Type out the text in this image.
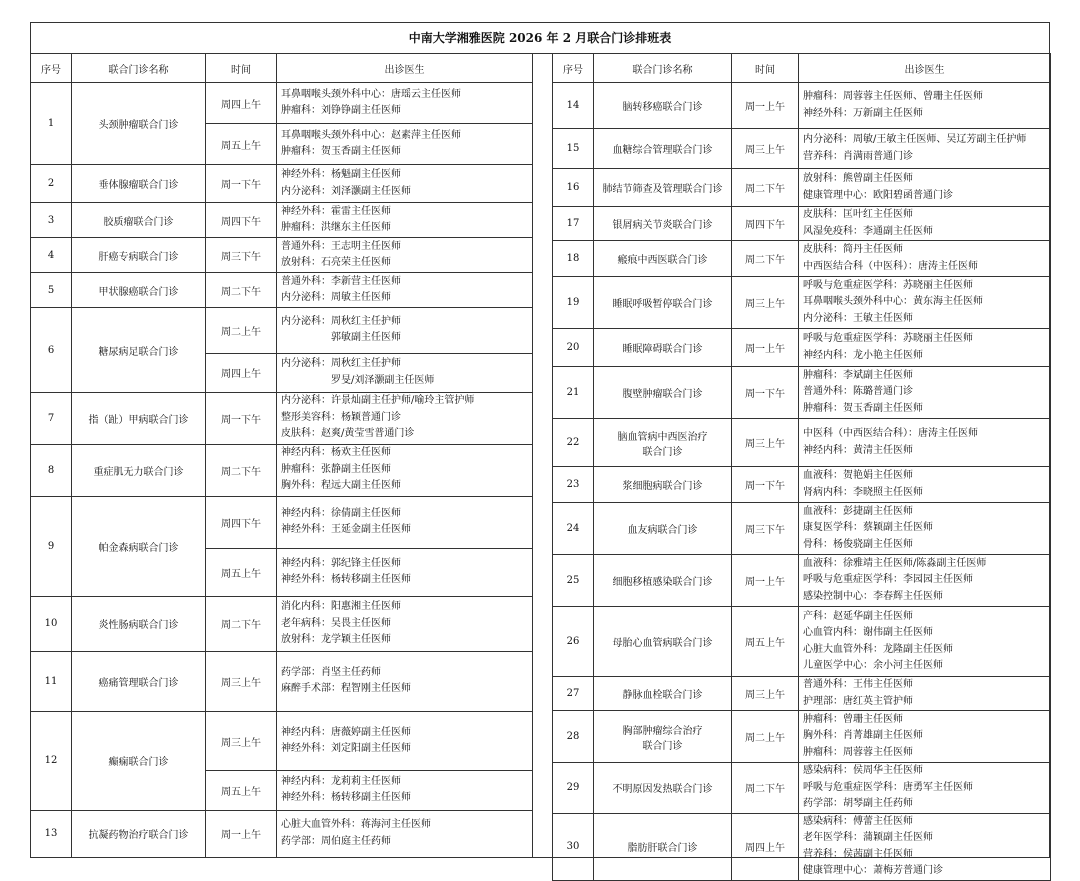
中南大学湘雅医院 2026 年 2 月联合门诊排班表
序号	联合门诊名称	时间	出诊医生
1	头颈肿瘤联合门诊	周四上午	耳鼻咽喉头颈外科中心：唐瑶云主任医师
肿瘤科：刘铮铮副主任医师

		周五上午	耳鼻咽喉头颈外科中心：赵素萍主任医师
肿瘤科：贺玉香副主任医师

2	垂体腺瘤联合门诊	周一下午	神经外科：杨魁副主任医师
内分泌科：刘泽灏副主任医师

3	胶质瘤联合门诊	周四下午	神经外科：霍雷主任医师
肿瘤科：洪继东主任医师

4	肝癌专病联合门诊	周三下午	普通外科：王志明主任医师
放射科：石亮荣主任医师

5	甲状腺癌联合门诊	周二下午	普通外科：李新营主任医师
内分泌科：周敏主任医师

6	糖尿病足联合门诊	周二上午	内分泌科：周秋红主任护师
　　　　　郭敏副主任医师

		周四上午	内分泌科：周秋红主任护师
　　　　　罗旻/刘泽灏副主任医师

7	指（趾）甲病联合门诊	周一下午	内分泌科：许景灿副主任护师/喻玲主管护师
整形美容科：杨颖普通门诊
皮肤科：赵爽/黄莹雪普通门诊

8	重症肌无力联合门诊	周二下午	神经内科：杨欢主任医师
肿瘤科：张静副主任医师
胸外科：程远大副主任医师

9	帕金森病联合门诊	周四下午	神经内科：徐倩副主任医师
神经外科：王延金副主任医师

		周五上午	神经内科：郭纪锋主任医师
神经外科：杨转移副主任医师

10	炎性肠病联合门诊	周二下午	消化内科：阳惠湘主任医师
老年病科：吴畏主任医师
放射科：龙学颖主任医师

11	癌痛管理联合门诊	周三上午	药学部：肖坚主任药师
麻醉手术部：程智刚主任医师

12	癫痫联合门诊	周三上午	神经内科：唐薇婷副主任医师
神经外科：刘定阳副主任医师

		周五上午	神经内科：龙莉莉主任医师
神经外科：杨转移副主任医师

13	抗凝药物治疗联合门诊	周一上午	心脏大血管外科：蒋海河主任医师
药学部：周伯庭主任药师
序号	联合门诊名称	时间	出诊医生
14	脑转移癌联合门诊	周一上午	肿瘤科：周蓉蓉主任医师、曾珊主任医师
神经外科：万新副主任医师

15	血糖综合管理联合门诊	周三上午	内分泌科：周敏/王敏主任医师、吴辽芳副主任护师
营养科：肖满雨普通门诊

16	肺结节筛查及管理联合门诊	周二下午	放射科：熊曾副主任医师
健康管理中心：欧阳碧函普通门诊

17	银屑病关节炎联合门诊	周四下午	皮肤科：匡叶红主任医师
风湿免疫科：李通副主任医师

18	瘢痕中西医联合门诊	周二下午	皮肤科：简丹主任医师
中西医结合科（中医科）：唐涛主任医师

19	睡眠呼吸暂停联合门诊	周三上午	呼吸与危重症医学科：苏晓丽主任医师
耳鼻咽喉头颈外科中心：黄东海主任医师
内分泌科：王敏主任医师

20	睡眠障碍联合门诊	周一上午	呼吸与危重症医学科：苏晓丽主任医师
神经内科：龙小艳主任医师

21	腹壁肿瘤联合门诊	周一下午	肿瘤科：李斌副主任医师
普通外科：陈璐普通门诊
肿瘤科：贺玉香副主任医师

22	脑血管病中西医治疗
联合门诊	周三上午	中医科（中西医结合科）：唐涛主任医师
神经内科：黄清主任医师

23	浆细胞病联合门诊	周一下午	血液科：贺艳娟主任医师
肾病内科：李晓照主任医师

24	血友病联合门诊	周三下午	血液科：彭捷副主任医师
康复医学科：蔡颖副主任医师
骨科：杨俊骁副主任医师

25	细胞移植感染联合门诊	周一上午	血液科：徐雅靖主任医师/陈淼副主任医师
呼吸与危重症医学科：李园园主任医师
感染控制中心：李春辉主任医师

26	母胎心血管病联合门诊	周五上午	产科：赵延华副主任医师
心血管内科：谢伟副主任医师
心脏大血管外科：龙隆副主任医师
儿童医学中心：余小河主任医师

27	静脉血栓联合门诊	周三上午	普通外科：王伟主任医师
护理部：唐红英主管护师

28	胸部肿瘤综合治疗
联合门诊	周二上午	肿瘤科：曾珊主任医师
胸外科：肖菁雄副主任医师
肿瘤科：周蓉蓉主任医师

29	不明原因发热联合门诊	周二下午	感染病科：侯周华主任医师
呼吸与危重症医学科：唐勇军主任医师
药学部：胡琴副主任药师

30	脂肪肝联合门诊	周四上午	感染病科：傅蕾主任医师
老年医学科：蒲颖副主任医师
营养科：侯茜副主任医师
健康管理中心：萧梅芳普通门诊
